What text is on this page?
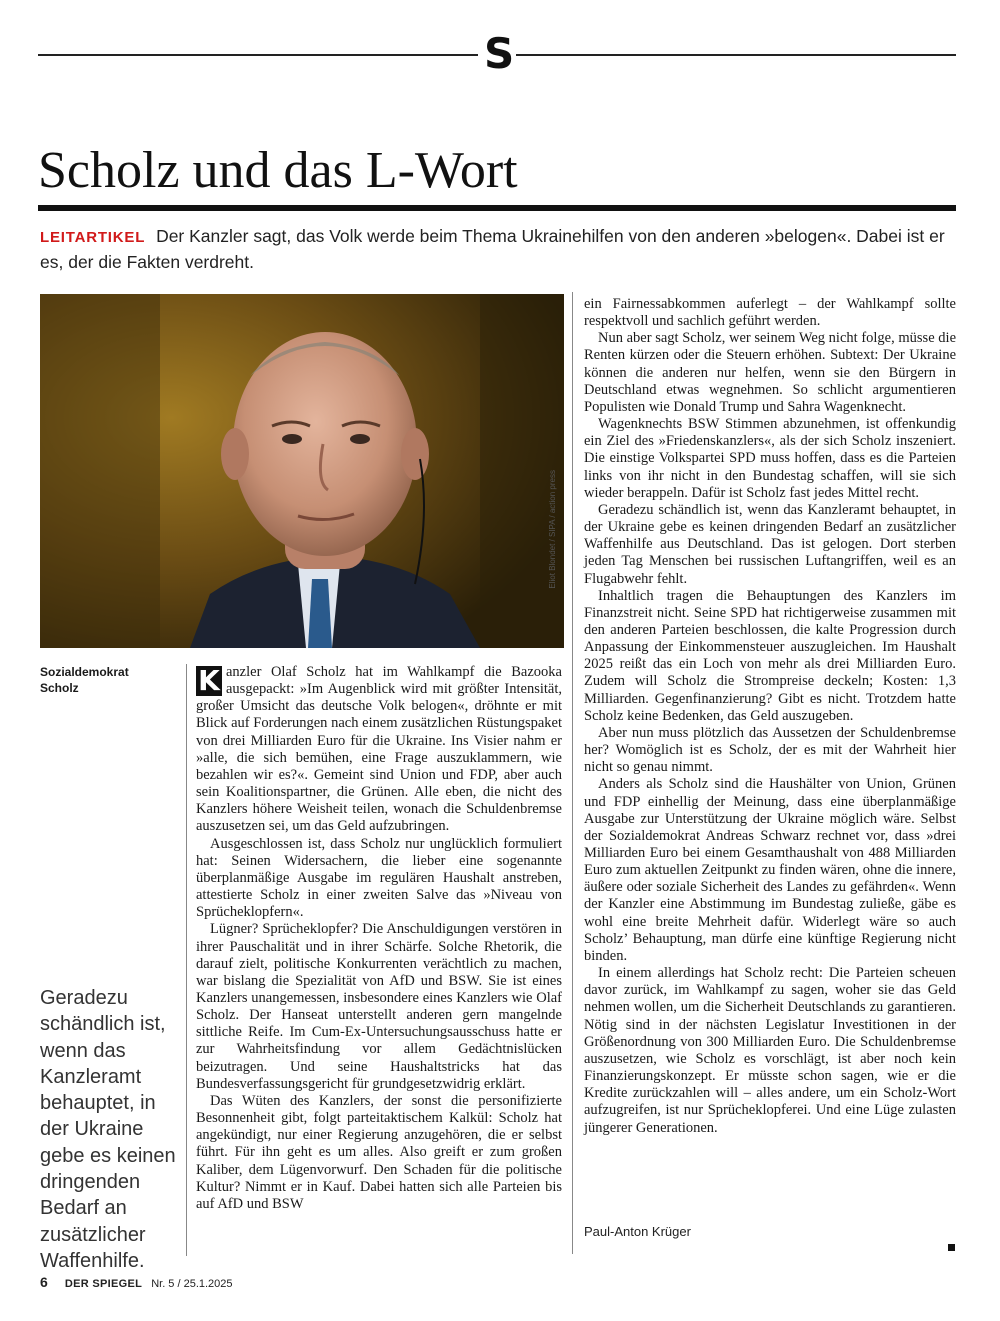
S
Scholz und das L-Wort
LEITARTIKEL Der Kanzler sagt, das Volk werde beim Thema Ukrainehilfen von den anderen »belogen«. Dabei ist er es, der die Fakten verdreht.
Eliot Blondet / SIPA / action press
Sozialdemokrat
Scholz
Geradezu schändlich ist, wenn das Kanzleramt behauptet, in der Ukraine gebe es keinen dringenden Bedarf an zusätzlicher Waffenhilfe.

K anzler Olaf Scholz hat im Wahlkampf die Bazooka ausgepackt: »Im Augenblick wird mit größter Intensität, großer Umsicht das deutsche Volk belogen«, dröhnte er mit Blick auf Forderungen nach einem zusätzlichen Rüstungspaket von drei Milliarden Euro für die Ukraine. Ins Visier nahm er »alle, die sich bemühen, eine Frage auszuklammern, wie bezahlen wir es?«. Gemeint sind Union und FDP, aber auch sein Koalitionspartner, die Grünen. Alle eben, die nicht des Kanzlers höhere Weisheit teilen, wonach die Schuldenbremse auszusetzen sei, um das Geld aufzubringen.

Ausgeschlossen ist, dass Scholz nur unglücklich formuliert hat: Seinen Widersachern, die lieber eine sogenannte überplanmäßige Ausgabe im regulären Haushalt anstreben, attestierte Scholz in einer zweiten Salve das »Niveau von Sprücheklopfern«.

Lügner? Sprücheklopfer? Die Anschuldigungen verstören in ihrer Pauschalität und in ihrer Schärfe. Solche Rhetorik, die darauf zielt, politische Konkurrenten verächtlich zu machen, war bislang die Spezialität von AfD und BSW. Sie ist eines Kanzlers unangemessen, insbesondere eines Kanzlers wie Olaf Scholz. Der Hanseat unterstellt anderen gern mangelnde sittliche Reife. Im Cum-Ex-Untersuchungsausschuss hatte er zur Wahrheitsfindung vor allem Gedächtnislücken beizutragen. Und seine Haushaltstricks hat das Bundesverfassungsgericht für grundgesetzwidrig erklärt.

Das Wüten des Kanzlers, der sonst die personifizierte Besonnenheit gibt, folgt parteitaktischem Kalkül: Scholz hat angekündigt, nur einer Regierung anzugehören, die er selbst führt. Für ihn geht es um alles. Also greift er zum großen Kaliber, dem Lügenvorwurf. Den Schaden für die politische Kultur? Nimmt er in Kauf. Dabei hatten sich alle Parteien bis auf AfD und BSW

ein Fairnessabkommen auferlegt – der Wahlkampf sollte respektvoll und sachlich geführt werden.

Nun aber sagt Scholz, wer seinem Weg nicht folge, müsse die Renten kürzen oder die Steuern erhöhen. Subtext: Der Ukraine können die anderen nur helfen, wenn sie den Bürgern in Deutschland etwas wegnehmen. So schlicht argumentieren Populisten wie Donald Trump und Sahra Wagenknecht.

Wagenknechts BSW Stimmen abzunehmen, ist offenkundig ein Ziel des »Friedenskanzlers«, als der sich Scholz inszeniert. Die einstige Volkspartei SPD muss hoffen, dass es die Parteien links von ihr nicht in den Bundestag schaffen, will sie sich wieder berappeln. Dafür ist Scholz fast jedes Mittel recht.

Geradezu schändlich ist, wenn das Kanzleramt behauptet, in der Ukraine gebe es keinen dringenden Bedarf an zusätzlicher Waffenhilfe aus Deutschland. Das ist gelogen. Dort sterben jeden Tag Menschen bei russischen Luftangriffen, weil es an Flugabwehr fehlt.

Inhaltlich tragen die Behauptungen des Kanzlers im Finanzstreit nicht. Seine SPD hat richtigerweise zusammen mit den anderen Parteien beschlossen, die kalte Progression durch Anpassung der Einkommensteuer auszugleichen. Im Haushalt 2025 reißt das ein Loch von mehr als drei Milliarden Euro. Zudem will Scholz die Strompreise deckeln; Kosten: 1,3 Milliarden. Gegenfinanzierung? Gibt es nicht. Trotzdem hatte Scholz keine Bedenken, das Geld auszugeben.

Aber nun muss plötzlich das Aussetzen der Schuldenbremse her? Womöglich ist es Scholz, der es mit der Wahrheit hier nicht so genau nimmt.

Anders als Scholz sind die Haushälter von Union, Grünen und FDP einhellig der Meinung, dass eine überplanmäßige Ausgabe zur Unterstützung der Ukraine möglich wäre. Selbst der Sozialdemokrat Andreas Schwarz rechnet vor, dass »drei Milliarden Euro bei einem Gesamthaushalt von 488 Milliarden Euro zum aktuellen Zeitpunkt zu finden wären, ohne die innere, äußere oder soziale Sicherheit des Landes zu gefährden«. Wenn der Kanzler eine Abstimmung im Bundestag zuließe, gäbe es wohl eine breite Mehrheit dafür. Widerlegt wäre so auch Scholz’ Behauptung, man dürfe eine künftige Regierung nicht binden.

In einem allerdings hat Scholz recht: Die Parteien scheuen davor zurück, im Wahlkampf zu sagen, woher sie das Geld nehmen wollen, um die Sicherheit Deutschlands zu garantieren. Nötig sind in der nächsten Legislatur Investitionen in der Größenordnung von 300 Milliarden Euro. Die Schuldenbremse auszusetzen, wie Scholz es vorschlägt, ist aber noch kein Finanzierungskonzept. Er müsste schon sagen, wie er die Kredite zurückzahlen will – alles andere, um ein Scholz-Wort aufzugreifen, ist nur Sprücheklopferei. Und eine Lüge zulasten jüngerer Generationen.

Paul-Anton Krüger
6 DER SPIEGEL Nr. 5 / 25.1.2025
